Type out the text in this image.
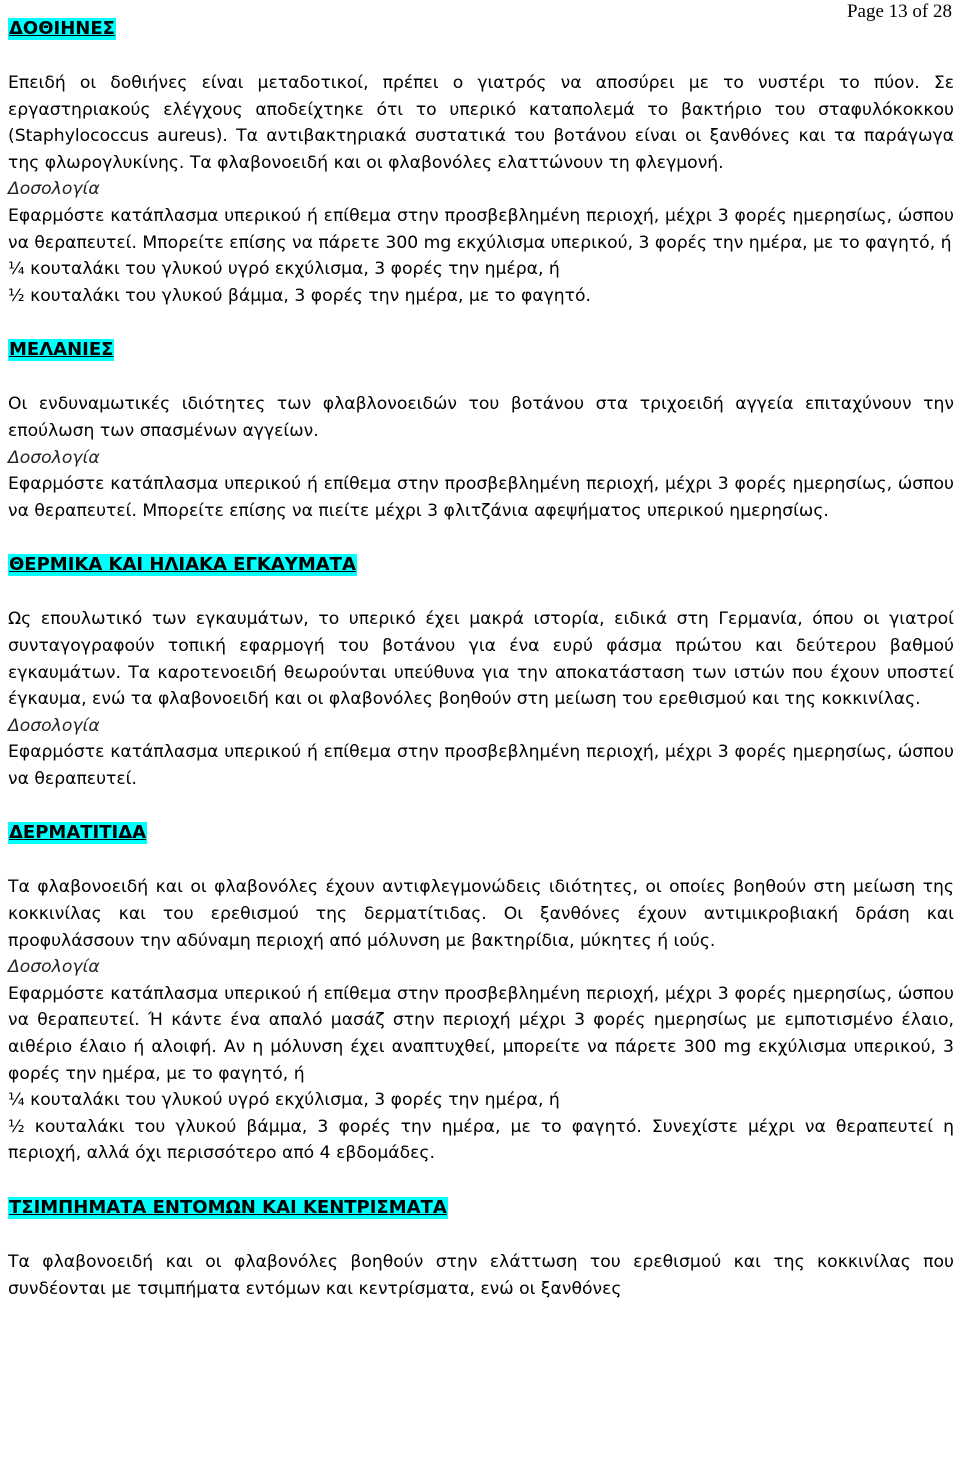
Page 13 of 28
ΔΟΘΙΗΝΕΣ

Επειδή οι δοθιήνες είναι μεταδοτικοί, πρέπει ο γιατρός να αποσύρει με το νυστέρι το πύον. Σε εργαστηριακούς ελέγχους αποδείχτηκε ότι το υπερικό καταπολεμά το βακτήριο του σταφυλόκοκκου (Staphylococcus aureus). Τα αντιβακτηριακά συστατικά του βοτάνου είναι οι ξανθόνες και τα παράγωγα της φλωρογλυκίνης. Τα φλαβονοειδή και οι φλαβονόλες ελαττώνουν τη φλεγμονή.

Δοσολογία

Εφαρμόστε κατάπλασμα υπερικού ή επίθεμα στην προσβεβλημένη περιοχή, μέχρι 3 φορές ημερησίως, ώσπου να θεραπευτεί. Μπορείτε επίσης να πάρετε 300 mg εκχύλισμα υπερικού, 3 φορές την ημέρα, με το φαγητό, ή

¼ κουταλάκι του γλυκού υγρό εκχύλισμα, 3 φορές την ημέρα, ή

½ κουταλάκι του γλυκού βάμμα, 3 φορές την ημέρα, με το φαγητό.

ΜΕΛΑΝΙΕΣ

Οι ενδυναμωτικές ιδιότητες των φλαβλονοειδών του βοτάνου στα τριχοειδή αγγεία επιταχύνουν την επούλωση των σπασμένων αγγείων.

Δοσολογία

Εφαρμόστε κατάπλασμα υπερικού ή επίθεμα στην προσβεβλημένη περιοχή, μέχρι 3 φορές ημερησίως, ώσπου να θεραπευτεί. Μπορείτε επίσης να πιείτε μέχρι 3 φλιτζάνια αφεψήματος υπερικού ημερησίως.

ΘΕΡΜΙΚΑ ΚΑΙ ΗΛΙΑΚΑ ΕΓΚΑΥΜΑΤΑ

Ως επουλωτικό των εγκαυμάτων, το υπερικό έχει μακρά ιστορία, ειδικά στη Γερμανία, όπου οι γιατροί συνταγογραφούν τοπική εφαρμογή του βοτάνου για ένα ευρύ φάσμα πρώτου και δεύτερου βαθμού εγκαυμάτων. Τα καροτενοειδή θεωρούνται υπεύθυνα για την αποκατάσταση των ιστών που έχουν υποστεί έγκαυμα, ενώ τα φλαβονοειδή και οι φλαβονόλες βοηθούν στη μείωση του ερεθισμού και της κοκκινίλας.

Δοσολογία

Εφαρμόστε κατάπλασμα υπερικού ή επίθεμα στην προσβεβλημένη περιοχή, μέχρι 3 φορές ημερησίως, ώσπου να θεραπευτεί.

ΔΕΡΜΑΤΙΤΙΔΑ

Τα φλαβονοειδή και οι φλαβονόλες έχουν αντιφλεγμονώδεις ιδιότητες, οι οποίες βοηθούν στη μείωση της κοκκινίλας και του ερεθισμού της δερματίτιδας. Οι ξανθόνες έχουν αντιμικροβιακή δράση και προφυλάσσουν την αδύναμη περιοχή από μόλυνση με βακτηρίδια, μύκητες ή ιούς.

Δοσολογία

Εφαρμόστε κατάπλασμα υπερικού ή επίθεμα στην προσβεβλημένη περιοχή, μέχρι 3 φορές ημερησίως, ώσπου να θεραπευτεί. Ή κάντε ένα απαλό μασάζ στην περιοχή μέχρι 3 φορές ημερησίως με εμποτισμένο έλαιο, αιθέριο έλαιο ή αλοιφή. Αν η μόλυνση έχει αναπτυχθεί, μπορείτε να πάρετε 300 mg εκχύλισμα υπερικού, 3 φορές την ημέρα, με το φαγητό, ή

¼ κουταλάκι του γλυκού υγρό εκχύλισμα, 3 φορές την ημέρα, ή

½ κουταλάκι του γλυκού βάμμα, 3 φορές την ημέρα, με το φαγητό. Συνεχίστε μέχρι να θεραπευτεί η περιοχή, αλλά όχι περισσότερο από 4 εβδομάδες.

ΤΣΙΜΠΗΜΑΤΑ ΕΝΤΟΜΩΝ ΚΑΙ ΚΕΝΤΡΙΣΜΑΤΑ

Τα φλαβονοειδή και οι φλαβονόλες βοηθούν στην ελάττωση του ερεθισμού και της κοκκινίλας που συνδέονται με τσιμπήματα εντόμων και κεντρίσματα, ενώ οι ξανθόνες
